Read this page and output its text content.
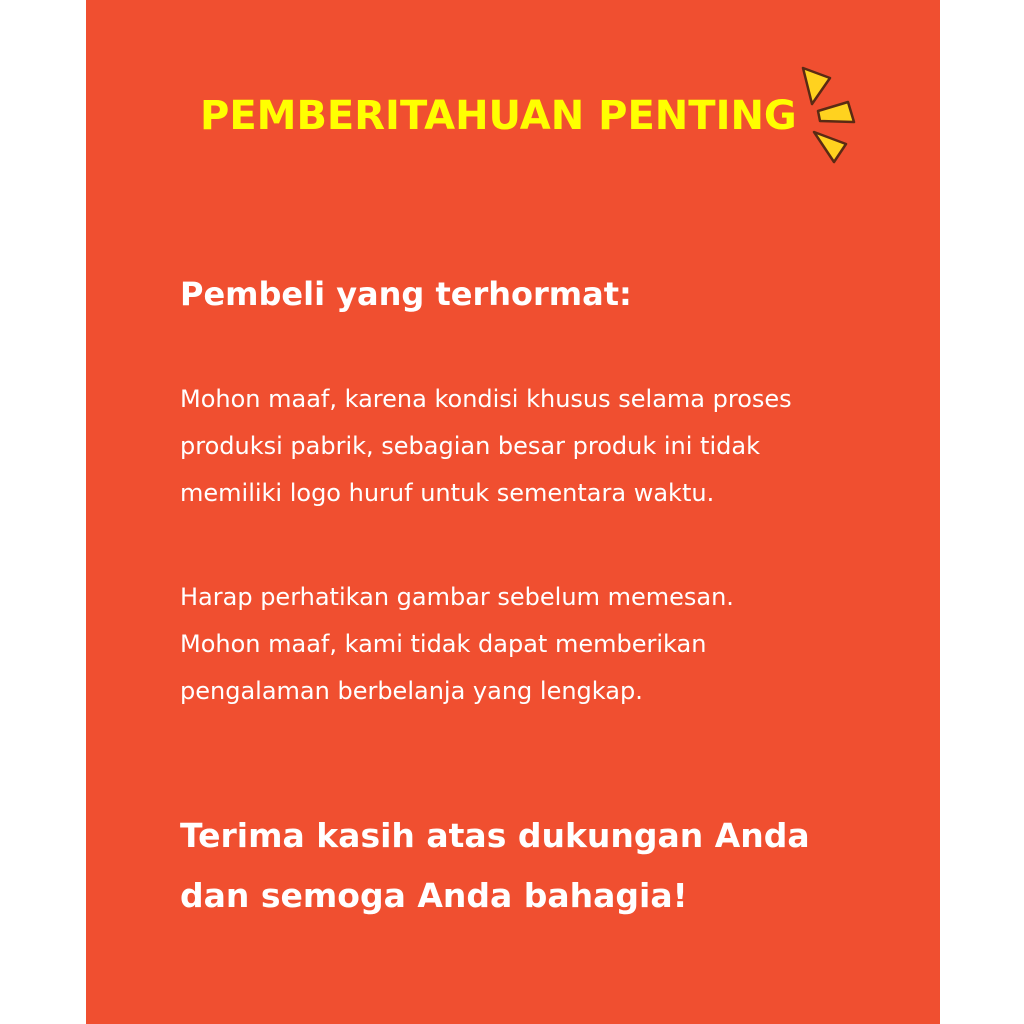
PEMBERITAHUAN PENTING
Pembeli yang terhormat:
Mohon maaf, karena kondisi khusus selama proses
produksi pabrik, sebagian besar produk ini tidak
memiliki logo huruf untuk sementara waktu.
Harap perhatikan gambar sebelum memesan.
Mohon maaf, kami tidak dapat memberikan
pengalaman berbelanja yang lengkap.
Terima kasih atas dukungan Anda
dan semoga Anda bahagia!
